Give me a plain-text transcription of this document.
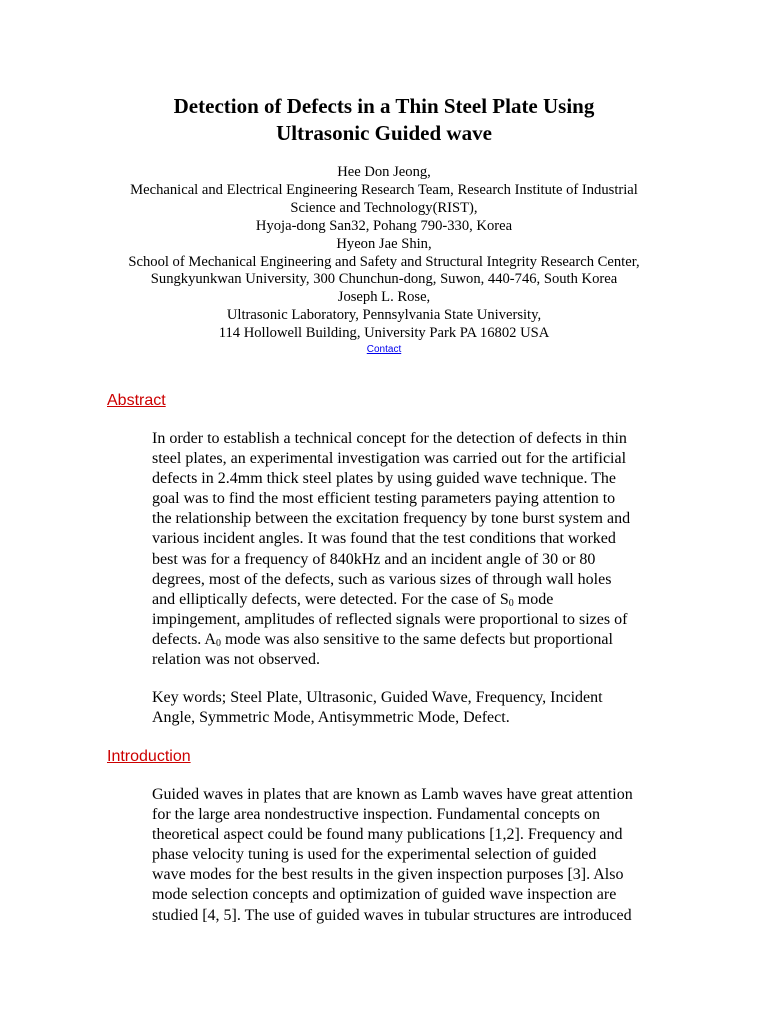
Detection of Defects in a Thin Steel Plate Using
Ultrasonic Guided wave
Hee Don Jeong,
Mechanical and Electrical Engineering Research Team, Research Institute of Industrial
Science and Technology(RIST),
Hyoja-dong San32, Pohang 790-330, Korea
Hyeon Jae Shin,
School of Mechanical Engineering and Safety and Structural Integrity Research Center,
Sungkyunkwan University, 300 Chunchun-dong, Suwon, 440-746, South Korea
Joseph L. Rose,
Ultrasonic Laboratory, Pennsylvania State University,
114 Hollowell Building, University Park PA 16802 USA
Contact
Abstract

In order to establish a technical concept for the detection of defects in thin
steel plates, an experimental investigation was carried out for the artificial
defects in 2.4mm thick steel plates by using guided wave technique. The
goal was to find the most efficient testing parameters paying attention to
the relationship between the excitation frequency by tone burst system and
various incident angles. It was found that the test conditions that worked
best was for a frequency of 840kHz and an incident angle of 30 or 80
degrees, most of the defects, such as various sizes of through wall holes
and elliptically defects, were detected. For the case of $S_0$ mode
impingement, amplitudes of reflected signals were proportional to sizes of
defects. $A_0$ mode was also sensitive to the same defects but proportional
relation was not observed.

Key words; Steel Plate, Ultrasonic, Guided Wave, Frequency, Incident
Angle, Symmetric Mode, Antisymmetric Mode, Defect.

Introduction

Guided waves in plates that are known as Lamb waves have great attention
for the large area nondestructive inspection. Fundamental concepts on
theoretical aspect could be found many publications [1,2]. Frequency and
phase velocity tuning is used for the experimental selection of guided
wave modes for the best results in the given inspection purposes [3]. Also
mode selection concepts and optimization of guided wave inspection are
studied [4, 5]. The use of guided waves in tubular structures are introduced
